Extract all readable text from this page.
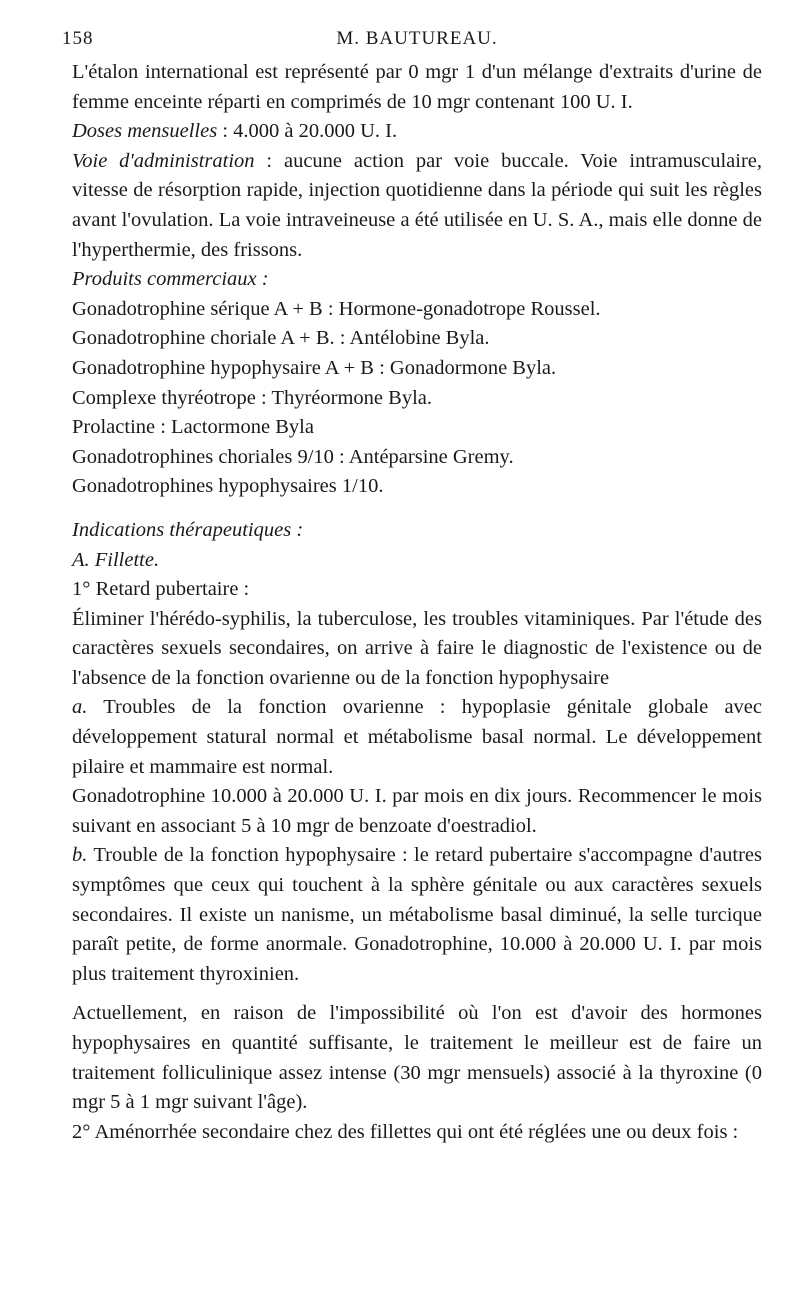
158	M. BAUTUREAU.

L'étalon international est représenté par 0 mgr 1 d'un mélange d'extraits d'urine de femme enceinte réparti en comprimés de 10 mgr contenant 100 U. I.

Doses mensuelles : 4.000 à 20.000 U. I.

Voie d'administration : aucune action par voie buccale. Voie intramusculaire, vitesse de résorption rapide, injection quotidienne dans la période qui suit les règles avant l'ovulation. La voie intraveineuse a été utilisée en U. S. A., mais elle donne de l'hyperthermie, des frissons.

Produits commerciaux :

Gonadotrophine sérique A + B : Hormone-gonadotrope Roussel.

Gonadotrophine choriale A + B. : Antélobine Byla.

Gonadotrophine hypophysaire A + B : Gonadormone Byla.

Complexe thyréotrope : Thyréormone Byla.

Prolactine : Lactormone Byla

Gonadotrophines choriales 9/10 : Antéparsine Gremy.

Gonadotrophines hypophysaires 1/10.

Indications thérapeutiques :

A. Fillette.

1° Retard pubertaire :

Éliminer l'hérédo-syphilis, la tuberculose, les troubles vitaminiques. Par l'étude des caractères sexuels secondaires, on arrive à faire le diagnostic de l'existence ou de l'absence de la fonction ovarienne ou de la fonction hypophysaire

a. Troubles de la fonction ovarienne : hypoplasie génitale globale avec développement statural normal et métabolisme basal normal. Le développement pilaire et mammaire est normal.

Gonadotrophine 10.000 à 20.000 U. I. par mois en dix jours. Recommencer le mois suivant en associant 5 à 10 mgr de benzoate d'oestradiol.

b. Trouble de la fonction hypophysaire : le retard pubertaire s'accompagne d'autres symptômes que ceux qui touchent à la sphère génitale ou aux caractères sexuels secondaires. Il existe un nanisme, un métabolisme basal diminué, la selle turcique paraît petite, de forme anormale. Gonadotrophine, 10.000 à 20.000 U. I. par mois plus traitement thyroxinien.

Actuellement, en raison de l'impossibilité où l'on est d'avoir des hormones hypophysaires en quantité suffisante, le traitement le meilleur est de faire un traitement folliculinique assez intense (30 mgr mensuels) associé à la thyroxine (0 mgr 5 à 1 mgr suivant l'âge).

2° Aménorrhée secondaire chez des fillettes qui ont été réglées une ou deux fois :
